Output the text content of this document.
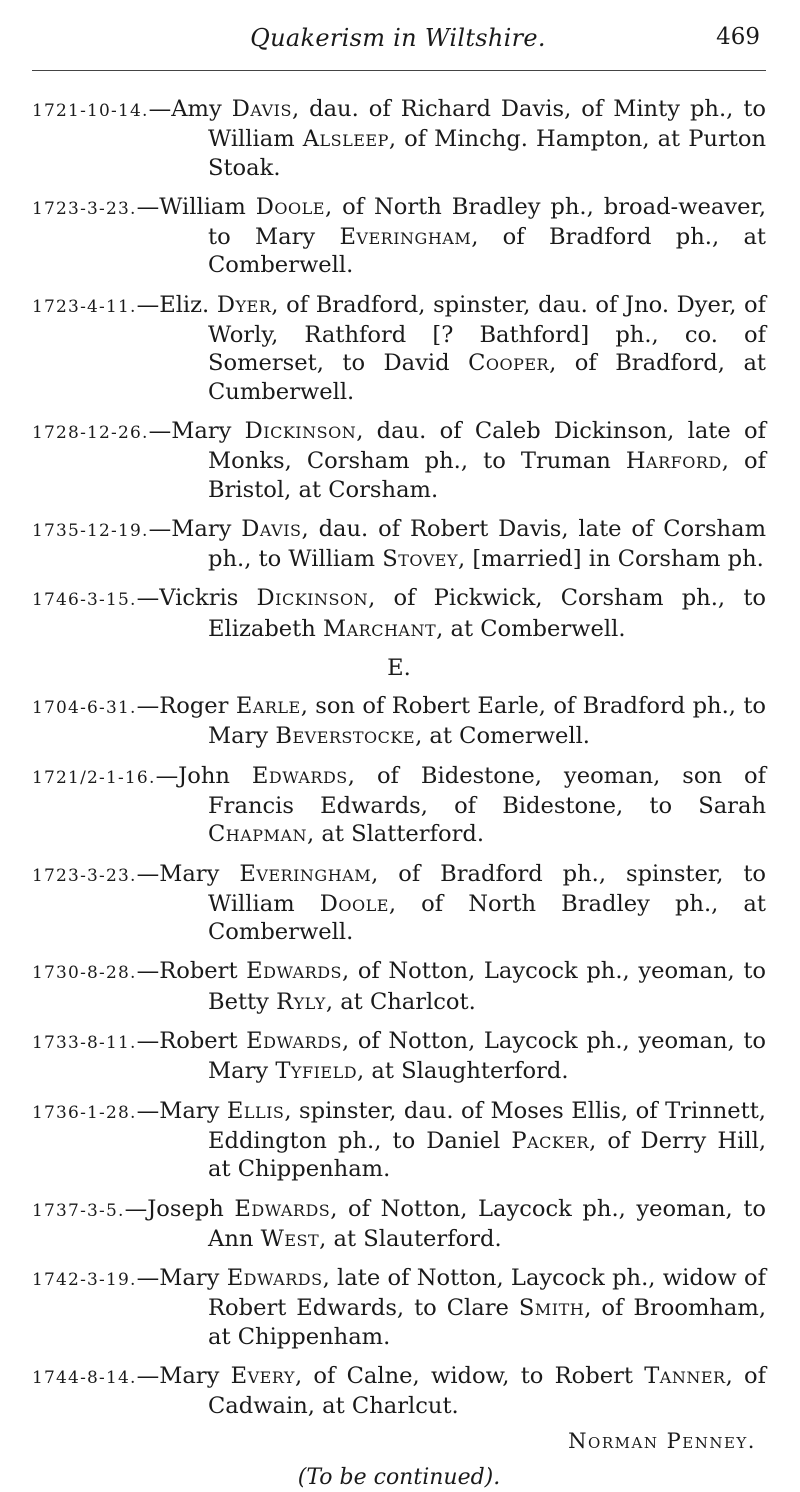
Quakerism in Wiltshire.	469
1721-10-14.—Amy Davis, dau. of Richard Davis, of Minty ph., to William Alsleep, of Minchg. Hampton, at Purton Stoak.
1723-3-23.—William Doole, of North Bradley ph., broad-weaver, to Mary Everingham, of Bradford ph., at Comberwell.
1723-4-11.—Eliz. Dyer, of Bradford, spinster, dau. of Jno. Dyer, of Worly, Rathford [? Bathford] ph., co. of Somerset, to David Cooper, of Bradford, at Cumberwell.
1728-12-26.—Mary Dickinson, dau. of Caleb Dickinson, late of Monks, Corsham ph., to Truman Harford, of Bristol, at Corsham.
1735-12-19.—Mary Davis, dau. of Robert Davis, late of Corsham ph., to William Stovey, [married] in Corsham ph.
1746-3-15.—Vickris Dickinson, of Pickwick, Corsham ph., to Elizabeth Marchant, at Comberwell.
E.
1704-6-31.—Roger Earle, son of Robert Earle, of Bradford ph., to Mary Beverstocke, at Comerwell.
1721/2-1-16.—John Edwards, of Bidestone, yeoman, son of Francis Edwards, of Bidestone, to Sarah Chapman, at Slatterford.
1723-3-23.—Mary Everingham, of Bradford ph., spinster, to William Doole, of North Bradley ph., at Comberwell.
1730-8-28.—Robert Edwards, of Notton, Laycock ph., yeoman, to Betty Ryly, at Charlcot.
1733-8-11.—Robert Edwards, of Notton, Laycock ph., yeoman, to Mary Tyfield, at Slaughterford.
1736-1-28.—Mary Ellis, spinster, dau. of Moses Ellis, of Trinnett, Eddington ph., to Daniel Packer, of Derry Hill, at Chippenham.
1737-3-5.—Joseph Edwards, of Notton, Laycock ph., yeoman, to Ann West, at Slauterford.
1742-3-19.—Mary Edwards, late of Notton, Laycock ph., widow of Robert Edwards, to Clare Smith, of Broomham, at Chippenham.
1744-8-14.—Mary Every, of Calne, widow, to Robert Tanner, of Cadwain, at Charlcut.
Norman Penney.
(To be continued).
